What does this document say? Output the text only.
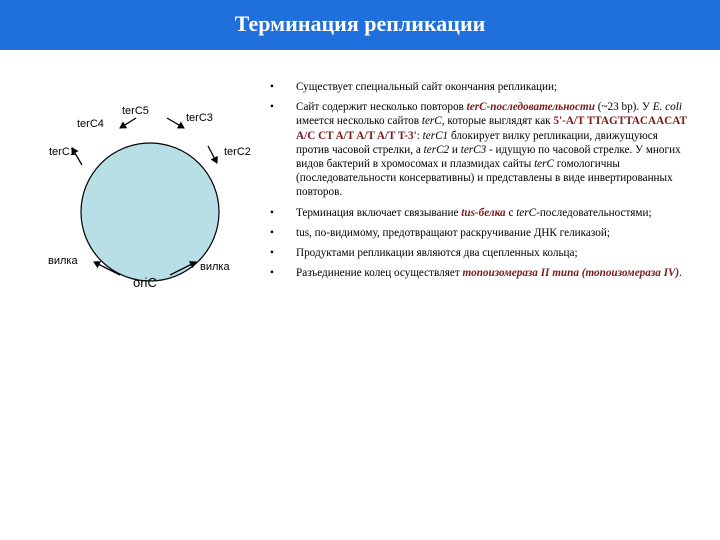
Терминация репликации
terC5
terC4	terC3
terC1	terC2
вилка	вилка
oriC
• Существует специальный сайт окончания репликации;
• Сайт содержит несколько повторов terC-последовательности (~23 bp). У E. coli имеется несколько сайтов terC, которые выглядят как 5'-A/T TTAGTTACAACAT A/C CT A/T A/T A/T T-3': terC1 блокирует вилку репликации, движущуюся против часовой стрелки, а terC2 и terC3 - идущую по часовой стрелке. У многих видов бактерий в хромосомах и плазмидах сайты terC гомологичны (последовательности консервативны) и представлены в виде инвертированных повторов.
• Терминация включает связывание tus-белка с terC-последовательностями;
• tus, по-видимому, предотвращают раскручивание ДНК геликазой;
• Продуктами репликации являются два сцепленных кольца;
• Разъединение колец осуществляет топоизомераза II типа (топоизомераза IV).
